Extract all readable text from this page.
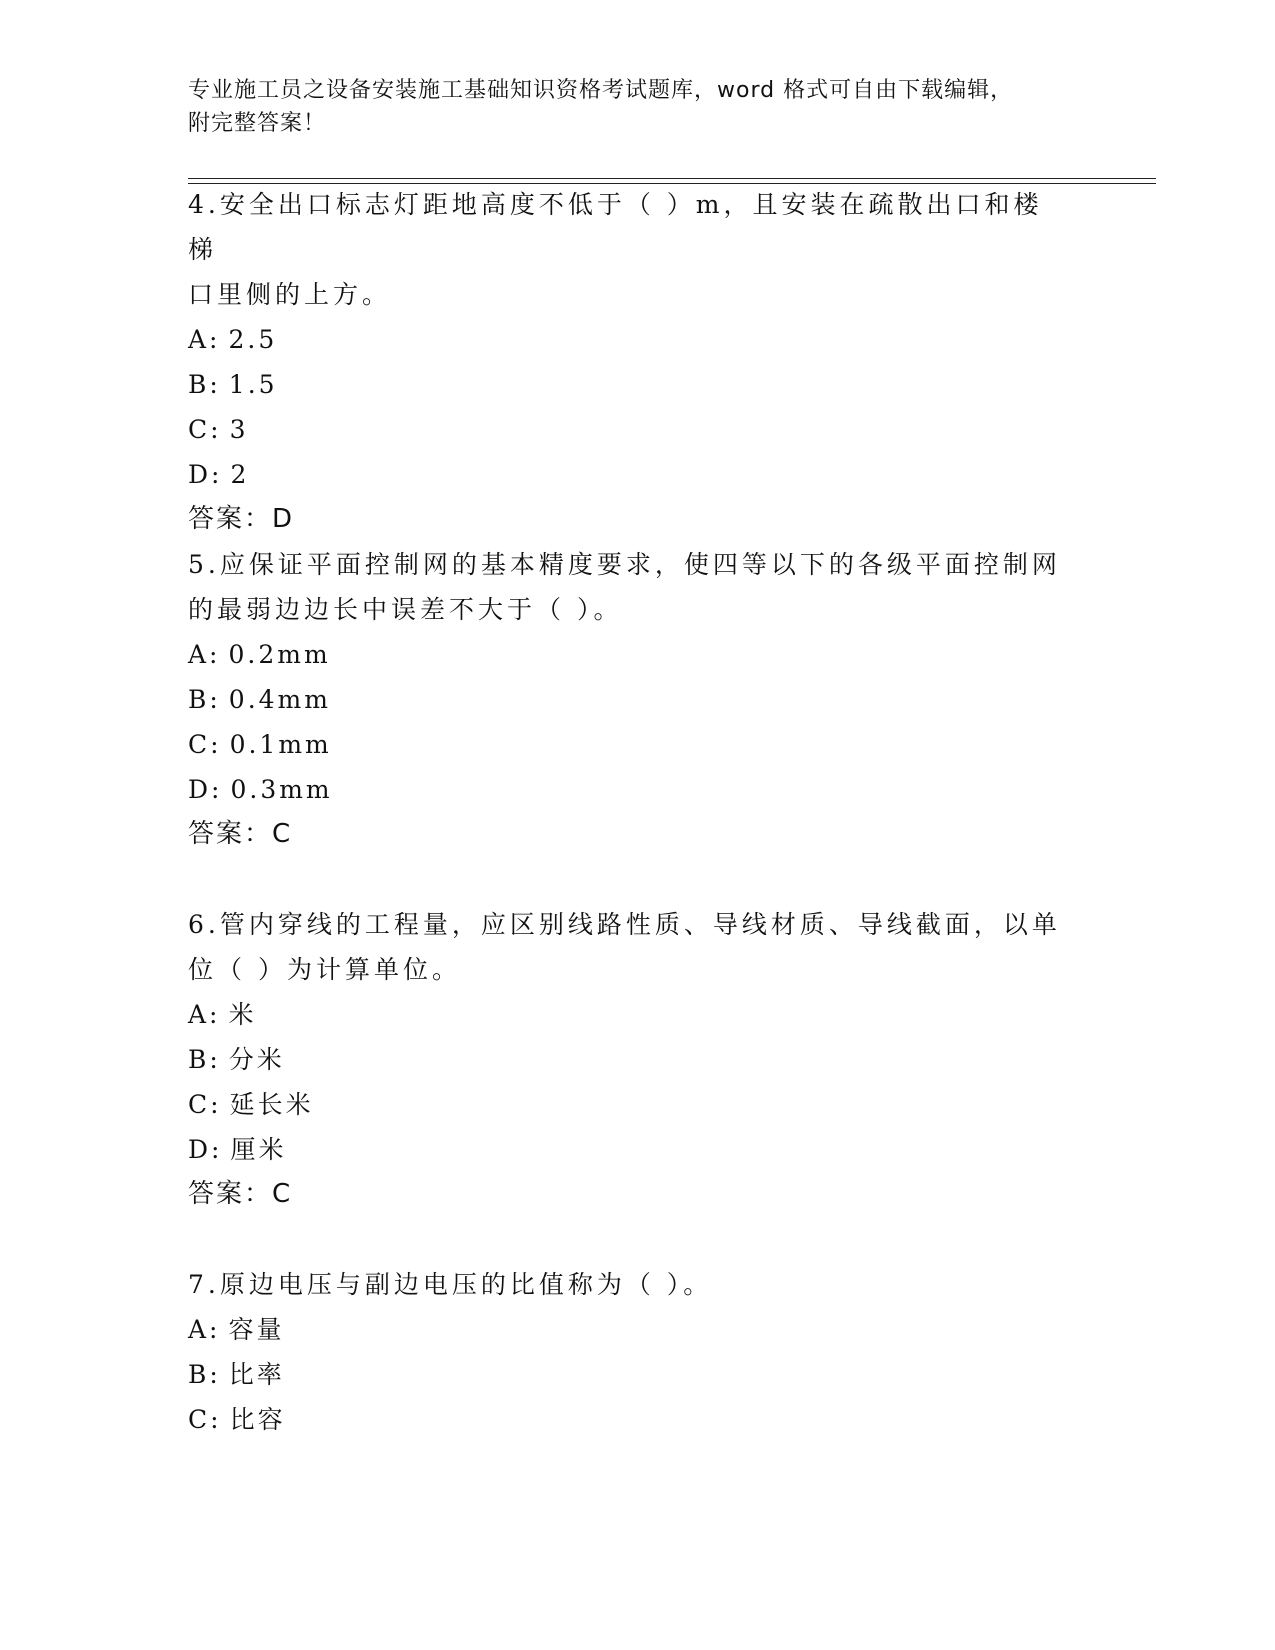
专业施工员之设备安装施工基础知识资格考试题库，word 格式可自由下载编辑，
附完整答案！

4.安全出口标志灯距地高度不低于（ ）m，且安装在疏散出口和楼梯

口里侧的上方。

A: 2.5

B: 1.5

C: 3

D: 2

答案：D

5.应保证平面控制网的基本精度要求，使四等以下的各级平面控制网

的最弱边边长中误差不大于（ ）。

A: 0.2mm

B: 0.4mm

C: 0.1mm

D: 0.3mm

答案：C

6.管内穿线的工程量，应区别线路性质、导线材质、导线截面，以单

位（ ）为计算单位。

A: 米

B: 分米

C: 延长米

D: 厘米

答案：C

7.原边电压与副边电压的比值称为（ ）。

A: 容量

B: 比率

C: 比容
